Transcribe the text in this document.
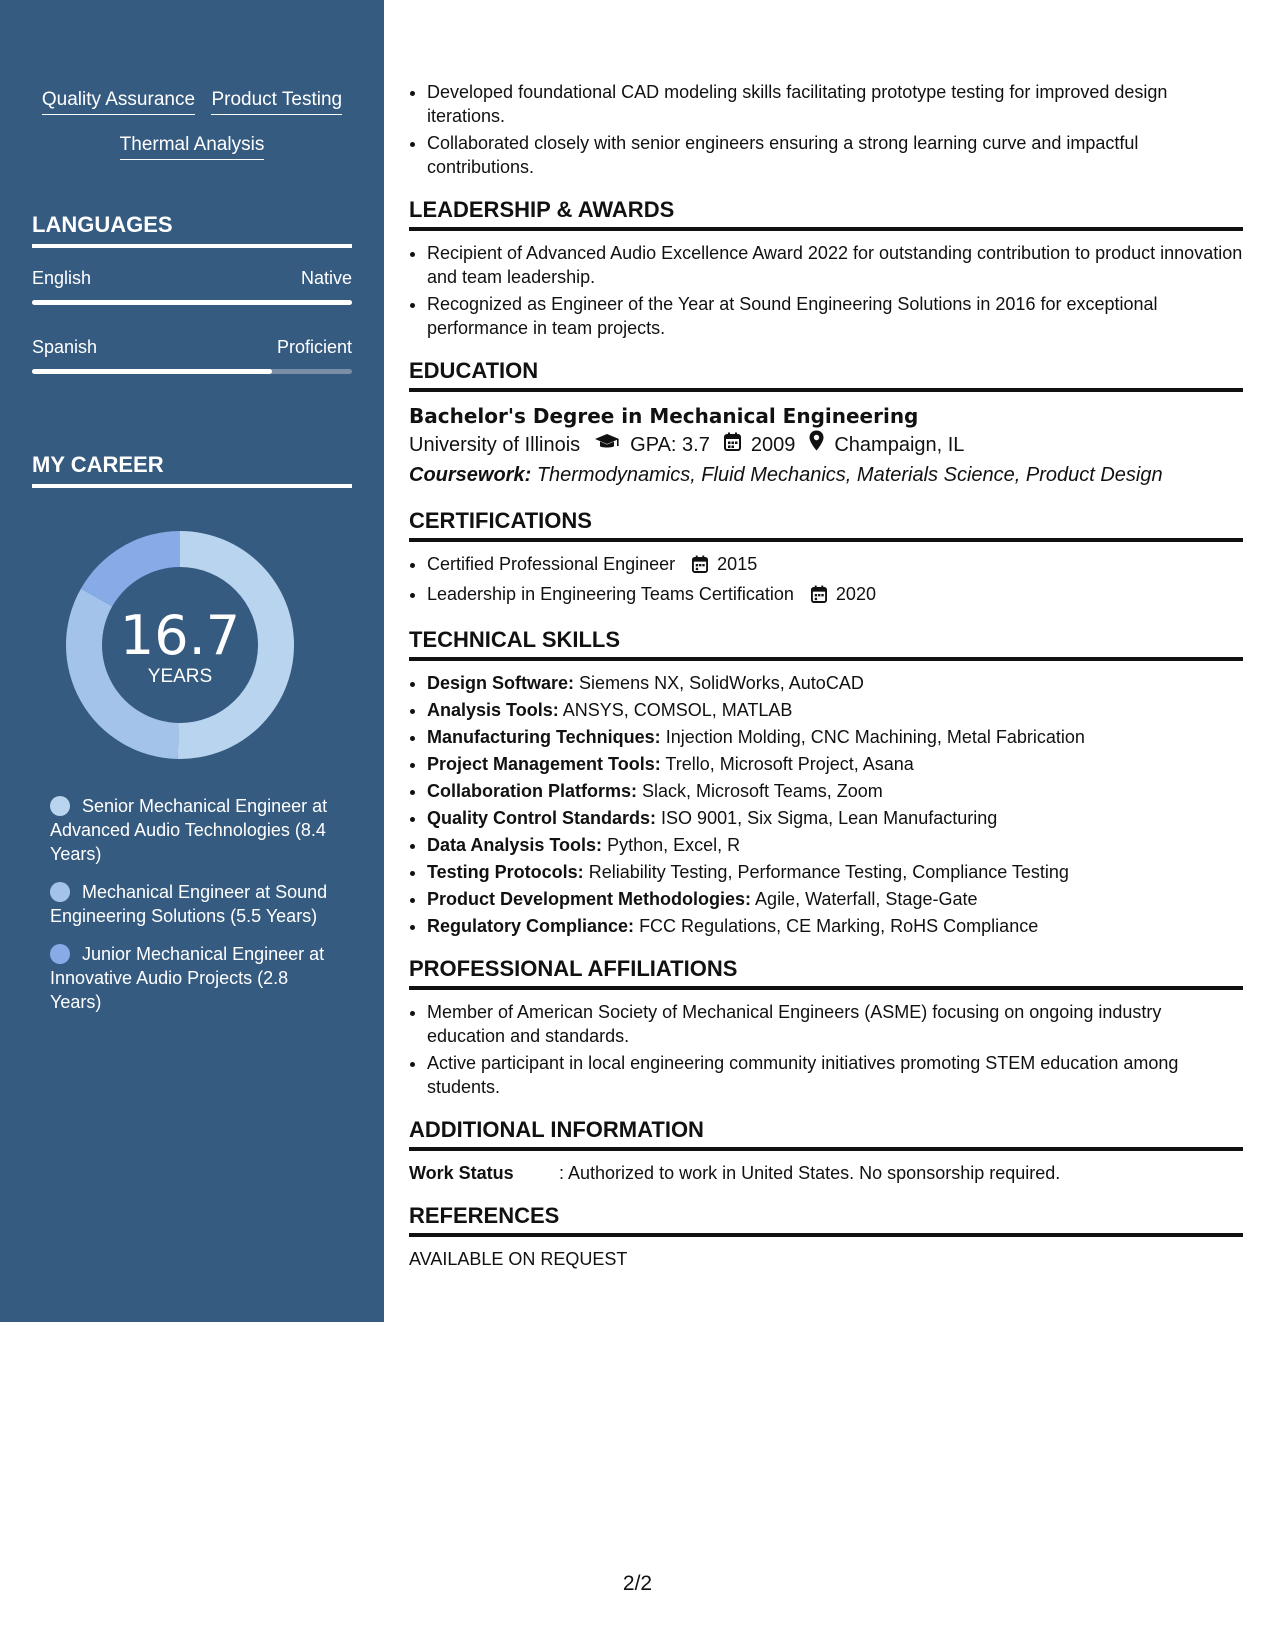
Quality Assurance Product Testing
Thermal Analysis
LANGUAGES
English	Native
Spanish	Proficient
MY CAREER
16.7
YEARS
Senior Mechanical Engineer at Advanced Audio Technologies (8.4 Years)
Mechanical Engineer at Sound Engineering Solutions (5.5 Years)
Junior Mechanical Engineer at Innovative Audio Projects (2.8 Years)
• Developed foundational CAD modeling skills facilitating prototype testing for improved design iterations.
• Collaborated closely with senior engineers ensuring a strong learning curve and impactful contributions.
LEADERSHIP & AWARDS
• Recipient of Advanced Audio Excellence Award 2022 for outstanding contribution to product innovation and team leadership.
• Recognized as Engineer of the Year at Sound Engineering Solutions in 2016 for exceptional performance in team projects.
EDUCATION
Bachelor's Degree in Mechanical Engineering
University of Illinois	GPA: 3.7 2009 Champaign, IL
Coursework: Thermodynamics, Fluid Mechanics, Materials Science, Product Design
CERTIFICATIONS
• Certified Professional Engineer 2015
• Leadership in Engineering Teams Certification 2020
TECHNICAL SKILLS
• Design Software: Siemens NX, SolidWorks, AutoCAD
• Analysis Tools: ANSYS, COMSOL, MATLAB
• Manufacturing Techniques: Injection Molding, CNC Machining, Metal Fabrication
• Project Management Tools: Trello, Microsoft Project, Asana
• Collaboration Platforms: Slack, Microsoft Teams, Zoom
• Quality Control Standards: ISO 9001, Six Sigma, Lean Manufacturing
• Data Analysis Tools: Python, Excel, R
• Testing Protocols: Reliability Testing, Performance Testing, Compliance Testing
• Product Development Methodologies: Agile, Waterfall, Stage-Gate
• Regulatory Compliance: FCC Regulations, CE Marking, RoHS Compliance
PROFESSIONAL AFFILIATIONS
• Member of American Society of Mechanical Engineers (ASME) focusing on ongoing industry education and standards.
• Active participant in local engineering community initiatives promoting STEM education among students.
ADDITIONAL INFORMATION
Work Status	: Authorized to work in United States. No sponsorship required.
REFERENCES
AVAILABLE ON REQUEST
2/2
